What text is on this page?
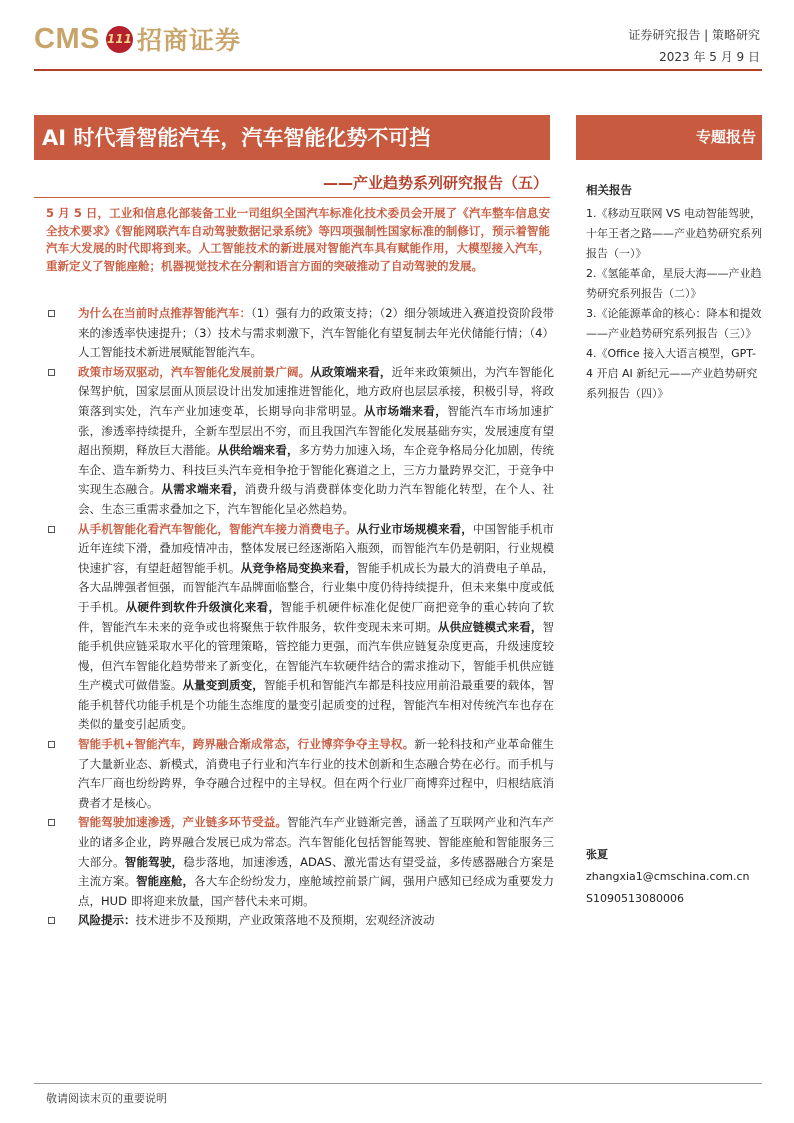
CMS 111 招商证券	证券研究报告 | 策略研究
2023 年 5 月 9 日
AI 时代看智能汽车，汽车智能化势不可挡
——产业趋势系列研究报告（五）
专题报告
5 月 5 日，工业和信息化部装备工业一司组织全国汽车标准化技术委员会开展了《汽车整车信息安全技术要求》《智能网联汽车自动驾驶数据记录系统》等四项强制性国家标准的制修订，预示着智能汽车大发展的时代即将到来。人工智能技术的新进展对智能汽车具有赋能作用，大模型接入汽车，重新定义了智能座舱；机器视觉技术在分割和语言方面的突破推动了自动驾驶的发展。
为什么在当前时点推荐智能汽车：（1）强有力的政策支持；（2）细分领域进入赛道投资阶段带来的渗透率快速提升；（3）技术与需求刺激下，汽车智能化有望复制去年光伏储能行情；（4）人工智能技术新进展赋能智能汽车。
政策市场双驱动，汽车智能化发展前景广阔。从政策端来看，近年来政策频出，为汽车智能化保驾护航，国家层面从顶层设计出发加速推进智能化，地方政府也层层承接，积极引导，将政策落到实处，汽车产业加速变革，长期导向非常明显。从市场端来看，智能汽车市场加速扩张，渗透率持续提升，全新车型层出不穷，而且我国汽车智能化发展基础夯实，发展速度有望超出预期，释放巨大潜能。从供给端来看，多方势力加速入场，车企竞争格局分化加剧，传统车企、造车新势力、科技巨头汽车竞相争抢于智能化赛道之上，三方力量跨界交汇，于竞争中实现生态融合。从需求端来看，消费升级与消费群体变化助力汽车智能化转型，在个人、社会、生态三重需求叠加之下，汽车智能化呈必然趋势。
从手机智能化看汽车智能化，智能汽车接力消费电子。从行业市场规模来看，中国智能手机市近年连续下滑，叠加疫情冲击，整体发展已经逐渐陷入瓶颈，而智能汽车仍是朝阳，行业规模快速扩容，有望赶超智能手机。从竞争格局变换来看，智能手机成长为最大的消费电子单品，各大品牌强者恒强，而智能汽车品牌面临整合，行业集中度仍待持续提升，但未来集中度或低于手机。从硬件到软件升级演化来看，智能手机硬件标准化促使厂商把竞争的重心转向了软件，智能汽车未来的竞争或也将聚焦于软件服务，软件变现未来可期。从供应链模式来看，智能手机供应链采取水平化的管理策略，管控能力更强，而汽车供应链复杂度更高，升级速度较慢，但汽车智能化趋势带来了新变化，在智能汽车软硬件结合的需求推动下，智能手机供应链生产模式可做借鉴。从量变到质变，智能手机和智能汽车都是科技应用前沿最重要的载体，智能手机替代功能手机是个功能生态维度的量变引起质变的过程，智能汽车相对传统汽车也存在类似的量变引起质变。
智能手机+智能汽车，跨界融合渐成常态，行业博弈争夺主导权。新一轮科技和产业革命催生了大量新业态、新模式，消费电子行业和汽车行业的技术创新和生态融合势在必行。而手机与汽车厂商也纷纷跨界，争夺融合过程中的主导权。但在两个行业厂商博弈过程中，归根结底消费者才是核心。
智能驾驶加速渗透，产业链多环节受益。智能汽车产业链渐完善，涵盖了互联网产业和汽车产业的诸多企业，跨界融合发展已成为常态。汽车智能化包括智能驾驶、智能座舱和智能服务三大部分。智能驾驶，稳步落地，加速渗透，ADAS、激光雷达有望受益，多传感器融合方案是主流方案。智能座舱，各大车企纷纷发力，座舱域控前景广阔，强用户感知已经成为重要发力点，HUD 即将迎来放量，国产替代未来可期。
风险提示：技术进步不及预期，产业政策落地不及预期，宏观经济波动
相关报告
1.《移动互联网 VS 电动智能驾驶，十年王者之路——产业趋势研究系列报告（一）》
2.《氢能革命，星辰大海——产业趋势研究系列报告（二）》
3.《论能源革命的核心：降本和提效——产业趋势研究系列报告（三）》
4.《Office 接入大语言模型，GPT-4 开启 AI 新纪元——产业趋势研究系列报告（四）》
张夏
zhangxia1@cmschina.com.cn
S1090513080006
敬请阅读末页的重要说明
